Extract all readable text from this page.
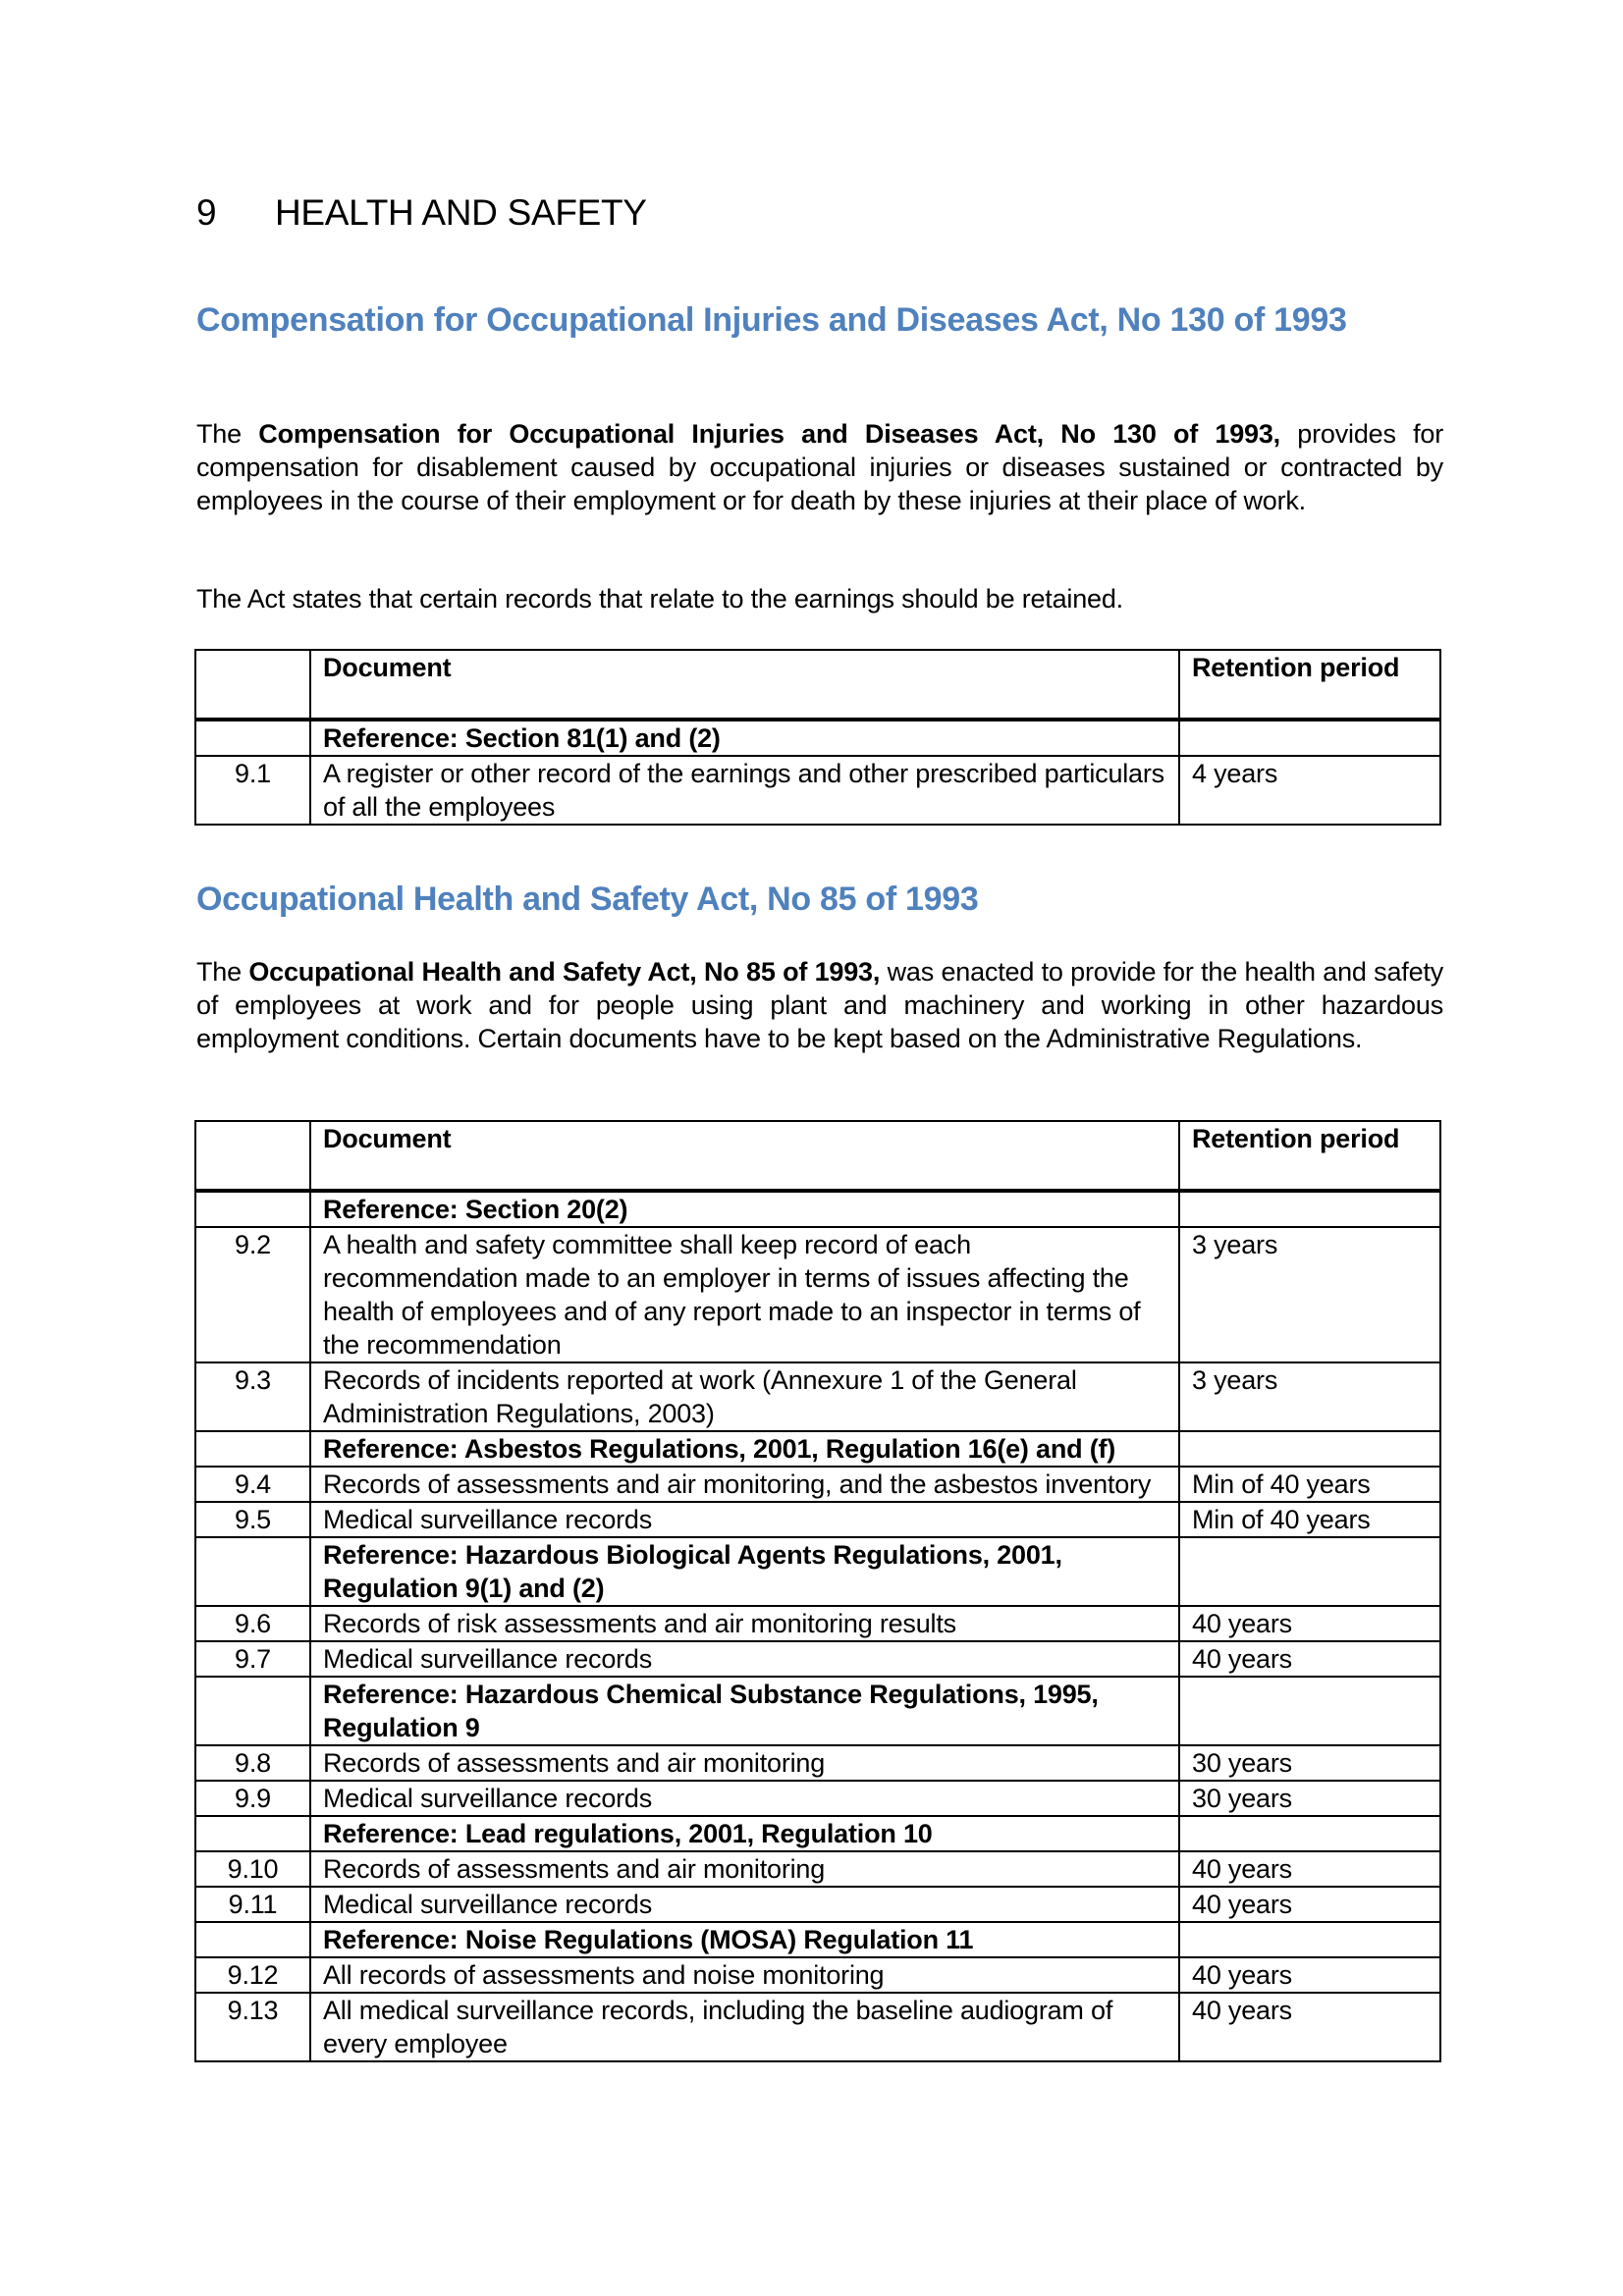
9 HEALTH AND SAFETY
Compensation for Occupational Injuries and Diseases Act, No 130 of 1993
The Compensation for Occupational Injuries and Diseases Act, No 130 of 1993, provides for compensation for disablement caused by occupational injuries or diseases sustained or contracted by employees in the course of their employment or for death by these injuries at their place of work.
The Act states that certain records that relate to the earnings should be retained.
	Document	Retention period
	Reference: Section 81(1) and (2)	
9.1	A register or other record of the earnings and other prescribed particulars of all the employees	4 years
Occupational Health and Safety Act, No 85 of 1993
The Occupational Health and Safety Act, No 85 of 1993, was enacted to provide for the health and safety of employees at work and for people using plant and machinery and working in other hazardous employment conditions. Certain documents have to be kept based on the Administrative Regulations.
	Document	Retention period
	Reference: Section 20(2)	
9.2	A health and safety committee shall keep record of each recommendation made to an employer in terms of issues affecting the health of employees and of any report made to an inspector in terms of the recommendation	3 years
9.3	Records of incidents reported at work (Annexure 1 of the General Administration Regulations, 2003)	3 years
	Reference: Asbestos Regulations, 2001, Regulation 16(e) and (f)	
9.4	Records of assessments and air monitoring, and the asbestos inventory	Min of 40 years
9.5	Medical surveillance records	Min of 40 years
	Reference: Hazardous Biological Agents Regulations, 2001, Regulation 9(1) and (2)	
9.6	Records of risk assessments and air monitoring results	40 years
9.7	Medical surveillance records	40 years
	Reference: Hazardous Chemical Substance Regulations, 1995, Regulation 9	
9.8	Records of assessments and air monitoring	30 years
9.9	Medical surveillance records	30 years
	Reference: Lead regulations, 2001, Regulation 10	
9.10	Records of assessments and air monitoring	40 years
9.11	Medical surveillance records	40 years
	Reference: Noise Regulations (MOSA) Regulation 11	
9.12	All records of assessments and noise monitoring	40 years
9.13	All medical surveillance records, including the baseline audiogram of every employee	40 years
